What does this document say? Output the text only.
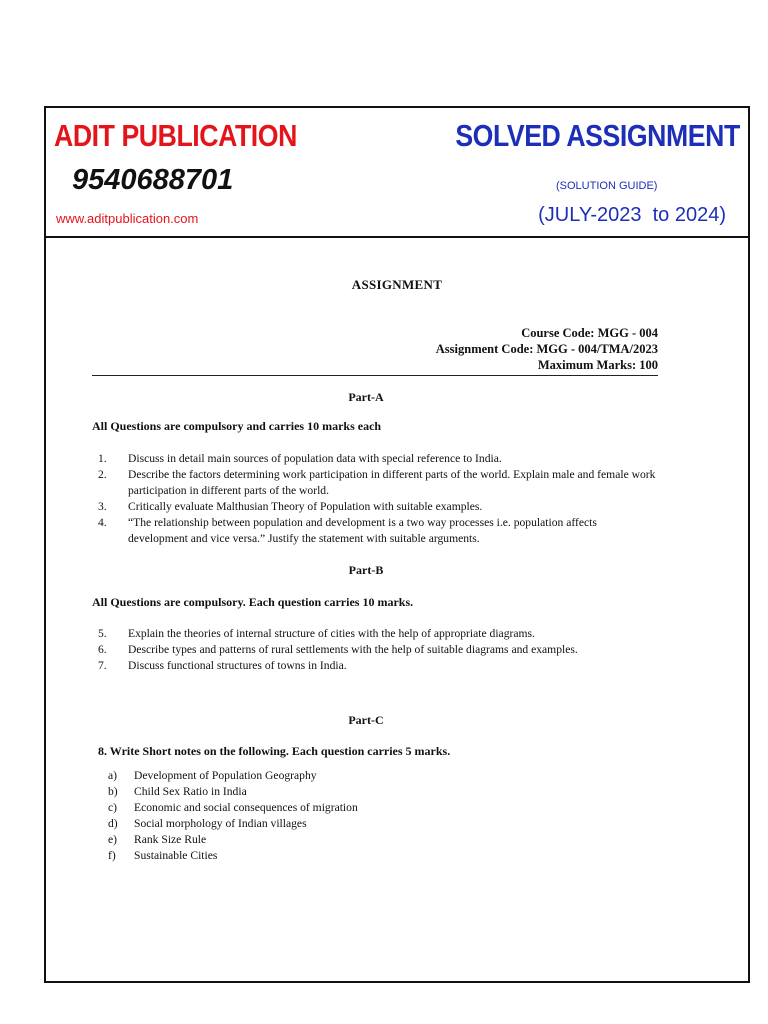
ADIT PUBLICATION
9540688701
www.aditpublication.com
SOLVED ASSIGNMENT
(SOLUTION GUIDE)
(JULY-2023  to 2024)
ASSIGNMENT
Course Code: MGG - 004
Assignment Code: MGG - 004/TMA/2023
Maximum Marks: 100
Part-A
All Questions are compulsory and carries 10 marks each
1.	Discuss in detail main sources of population data with special reference to India.
2.	Describe the factors determining work participation in different parts of the world. Explain male and female work participation in different parts of the world.
3.	Critically evaluate Malthusian Theory of Population with suitable examples.
4.	“The relationship between population and development is a two way processes i.e. population affects development and vice versa.” Justify the statement with suitable arguments.
Part-B
All Questions are compulsory. Each question carries 10 marks.
5.	Explain the theories of internal structure of cities with the help of appropriate diagrams.
6.	Describe types and patterns of rural settlements with the help of suitable diagrams and examples.
7.	Discuss functional structures of towns in India.
Part-C
8. Write Short notes on the following. Each question carries 5 marks.
a) Development of Population Geography
b) Child Sex Ratio in India
c) Economic and social consequences of migration
d) Social morphology of Indian villages
e) Rank Size Rule
f) Sustainable Cities
